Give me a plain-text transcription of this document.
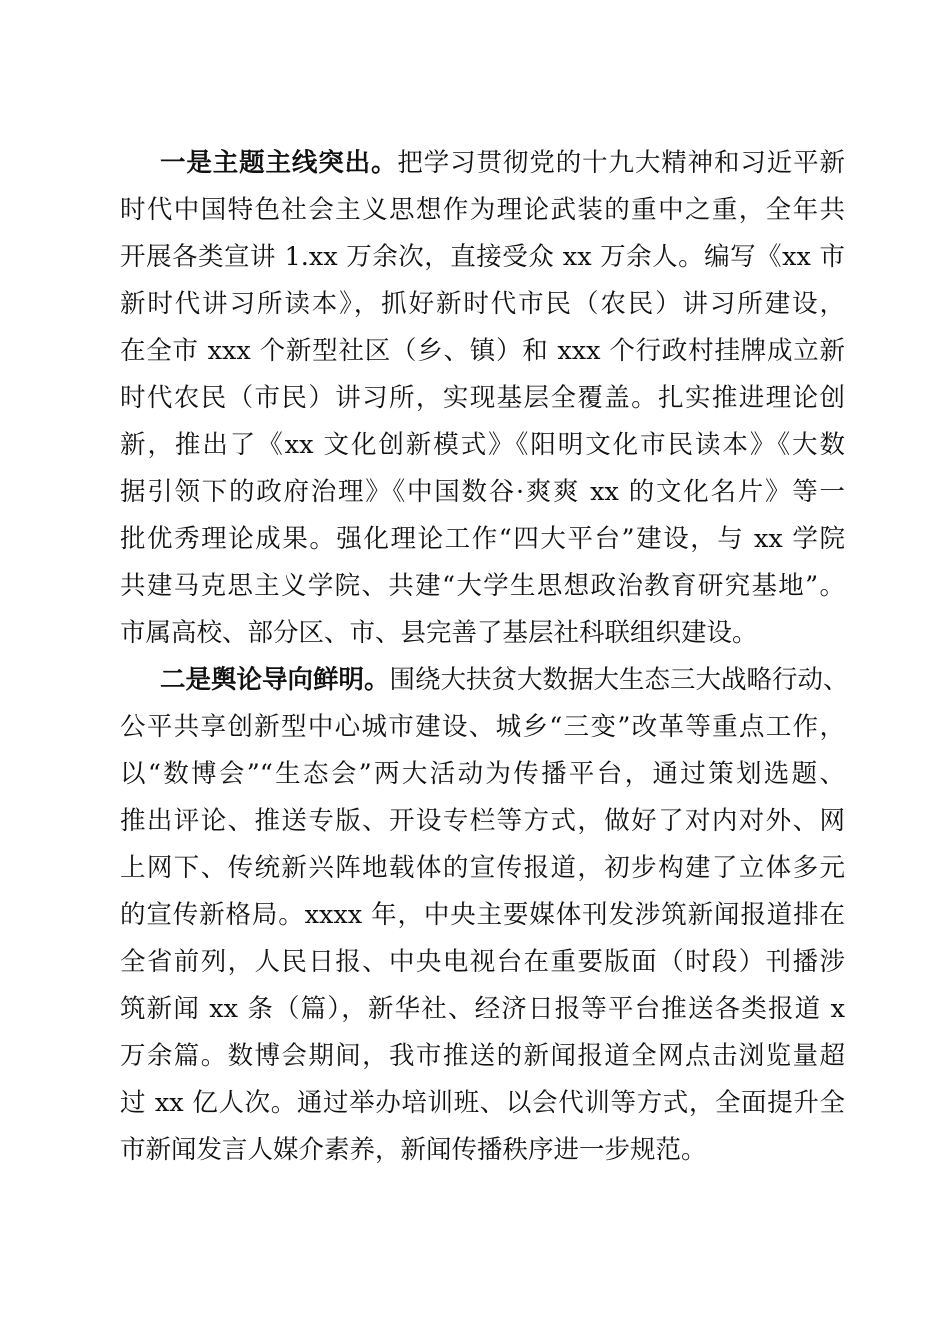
一是主题主线突出。把学习贯彻党的十九大精神和习近平新
时代中国特色社会主义思想作为理论武装的重中之重，全年共
开展各类宣讲 1.xx 万余次，直接受众 xx 万余人。编写《xx 市
新时代讲习所读本》，抓好新时代市民（农民）讲习所建设，
在全市 xxx 个新型社区（乡、镇）和 xxx 个行政村挂牌成立新
时代农民（市民）讲习所，实现基层全覆盖。扎实推进理论创
新，推出了《xx 文化创新模式》《阳明文化市民读本》《大数
据引领下的政府治理》《中国数谷·爽爽 xx 的文化名片》等一
批优秀理论成果。强化理论工作“四大平台”建设，与 xx 学院
共建马克思主义学院、共建“大学生思想政治教育研究基地”。
市属高校、部分区、市、县完善了基层社科联组织建设。
二是舆论导向鲜明。围绕大扶贫大数据大生态三大战略行动、
公平共享创新型中心城市建设、城乡“三变”改革等重点工作，
以“数博会”“生态会”两大活动为传播平台，通过策划选题、
推出评论、推送专版、开设专栏等方式，做好了对内对外、网
上网下、传统新兴阵地载体的宣传报道，初步构建了立体多元
的宣传新格局。xxxx 年，中央主要媒体刊发涉筑新闻报道排在
全省前列，人民日报、中央电视台在重要版面（时段）刊播涉
筑新闻 xx 条（篇），新华社、经济日报等平台推送各类报道 x
万余篇。数博会期间，我市推送的新闻报道全网点击浏览量超
过 xx 亿人次。通过举办培训班、以会代训等方式，全面提升全
市新闻发言人媒介素养，新闻传播秩序进一步规范。
